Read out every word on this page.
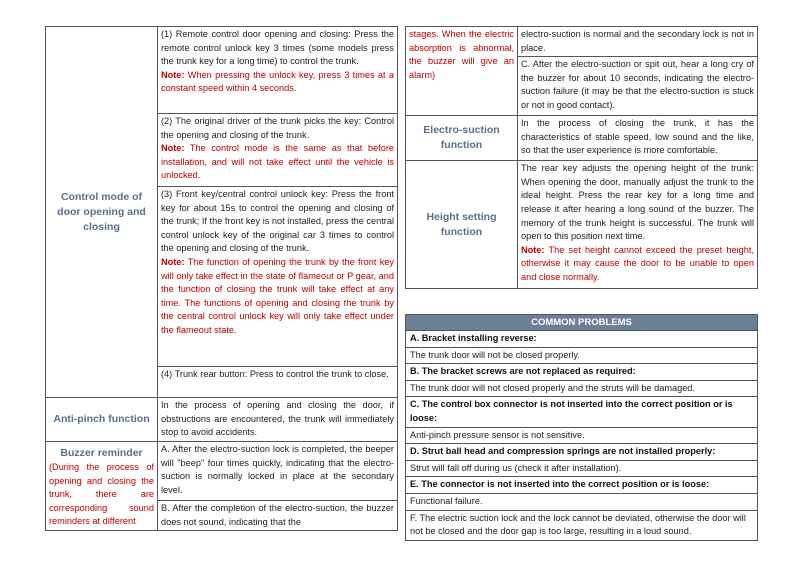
Control mode of door opening and closing	(1) Remote control door opening and closing: Press the remote control unlock key 3 times (some models press the trunk key for a long time) to control the trunk.
Note: When pressing the unlock key, press 3 times at a constant speed within 4 seconds.
	(2) The original driver of the trunk picks the key: Control the opening and closing of the trunk.
Note: The control mode is the same as that before installation, and will not take effect until the vehicle is unlocked.
	(3) Front key/central control unlock key: Press the front key for about 15s to control the opening and closing of the trunk; If the front key is not installed, press the central control unlock key of the original car 3 times to control the opening and closing of the trunk.
Note: The function of opening the trunk by the front key will only take effect in the state of flameout or P gear, and the function of closing the trunk will take effect at any time. The functions of opening and closing the trunk by the central control unlock key will only take effect under the flameout state.
	(4) Trunk rear button: Press to control the trunk to close.
Anti-pinch function	In the process of opening and closing the door, if obstructions are encountered, the trunk will immediately stop to avoid accidents.
Buzzer reminder
(During the process of opening and closing the trunk, there are corresponding sound reminders at different	A. After the electro-suction lock is completed, the beeper will "beep" four times quickly, indicating that the electro-suction is normally locked in place at the secondary level.
	B. After the completion of the electro-suction, the buzzer does not sound, indicating that the
stages. When the electric absorption is abnormal, the buzzer will give an alarm)	electro-suction is normal and the secondary lock is not in place.
	C. After the electro-suction or spit out, hear a long cry of the buzzer for about 10 seconds, indicating the electro-suction failure (it may be that the electro-suction is stuck or not in good contact).
Electro-suction function	In the process of closing the trunk, it has the characteristics of stable speed, low sound and the like, so that the user experience is more comfortable.
Height setting function	The rear key adjusts the opening height of the trunk: When opening the door, manually adjust the trunk to the ideal height. Press the rear key for a long time and release it after hearing a long sound of the buzzer. The memory of the trunk height is successful. The trunk will open to this position next time.
Note: The set height cannot exceed the preset height, otherwise it may cause the door to be unable to open and close normally.
COMMON PROBLEMS
A. Bracket installing reverse:
The trunk door will not be closed properly.
B. The bracket screws are not replaced as required:
The trunk door will not closed properly and the struts will be damaged.
C. The control box connector is not inserted into the correct position or is loose:
Anti-pinch pressure sensor is not sensitive.
D. Strut ball head and compression springs are not installed properly:
Strut will fall off during us (check it after installation).
E. The connector is not inserted into the correct position or is loose:
Functional failure.
F. The electric suction lock and the lock cannot be deviated, otherwise the door will not be closed and the door gap is too large, resulting in a loud sound.
